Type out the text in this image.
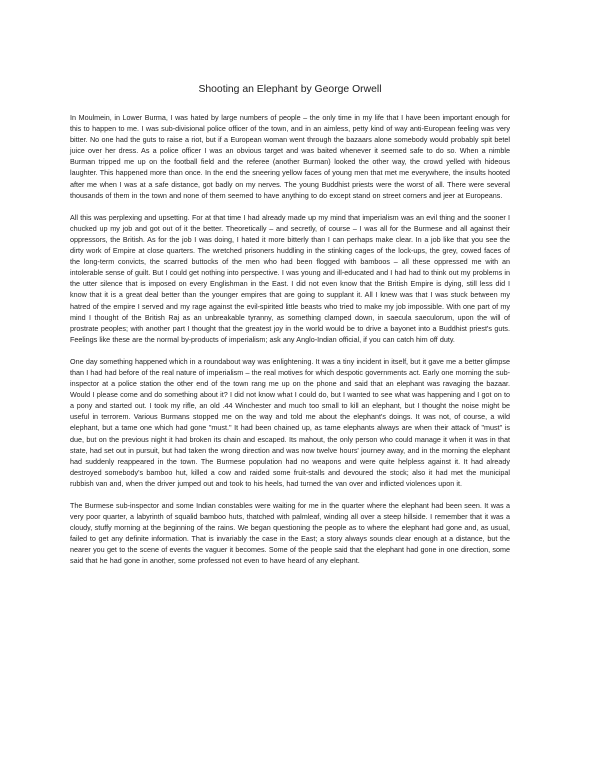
Shooting an Elephant by George Orwell

In Moulmein, in Lower Burma, I was hated by large numbers of people – the only time in my life that I have been important enough for this to happen to me. I was sub-divisional police officer of the town, and in an aimless, petty kind of way anti-European feeling was very bitter. No one had the guts to raise a riot, but if a European woman went through the bazaars alone somebody would probably spit betel juice over her dress. As a police officer I was an obvious target and was baited whenever it seemed safe to do so. When a nimble Burman tripped me up on the football field and the referee (another Burman) looked the other way, the crowd yelled with hideous laughter. This happened more than once. In the end the sneering yellow faces of young men that met me everywhere, the insults hooted after me when I was at a safe distance, got badly on my nerves. The young Buddhist priests were the worst of all. There were several thousands of them in the town and none of them seemed to have anything to do except stand on street corners and jeer at Europeans.

All this was perplexing and upsetting. For at that time I had already made up my mind that imperialism was an evil thing and the sooner I chucked up my job and got out of it the better. Theoretically – and secretly, of course – I was all for the Burmese and all against their oppressors, the British. As for the job I was doing, I hated it more bitterly than I can perhaps make clear. In a job like that you see the dirty work of Empire at close quarters. The wretched prisoners huddling in the stinking cages of the lock-ups, the grey, cowed faces of the long-term convicts, the scarred buttocks of the men who had been flogged with bamboos – all these oppressed me with an intolerable sense of guilt. But I could get nothing into perspective. I was young and ill-educated and I had had to think out my problems in the utter silence that is imposed on every Englishman in the East. I did not even know that the British Empire is dying, still less did I know that it is a great deal better than the younger empires that are going to supplant it. All I knew was that I was stuck between my hatred of the empire I served and my rage against the evil-spirited little beasts who tried to make my job impossible. With one part of my mind I thought of the British Raj as an unbreakable tyranny, as something clamped down, in saecula saeculorum, upon the will of prostrate peoples; with another part I thought that the greatest joy in the world would be to drive a bayonet into a Buddhist priest's guts. Feelings like these are the normal by-products of imperialism; ask any Anglo-Indian official, if you can catch him off duty.

One day something happened which in a roundabout way was enlightening. It was a tiny incident in itself, but it gave me a better glimpse than I had had before of the real nature of imperialism – the real motives for which despotic governments act. Early one morning the sub-inspector at a police station the other end of the town rang me up on the phone and said that an elephant was ravaging the bazaar. Would I please come and do something about it? I did not know what I could do, but I wanted to see what was happening and I got on to a pony and started out. I took my rifle, an old .44 Winchester and much too small to kill an elephant, but I thought the noise might be useful in terrorem. Various Burmans stopped me on the way and told me about the elephant's doings. It was not, of course, a wild elephant, but a tame one which had gone "must." It had been chained up, as tame elephants always are when their attack of "must" is due, but on the previous night it had broken its chain and escaped. Its mahout, the only person who could manage it when it was in that state, had set out in pursuit, but had taken the wrong direction and was now twelve hours' journey away, and in the morning the elephant had suddenly reappeared in the town. The Burmese population had no weapons and were quite helpless against it. It had already destroyed somebody's bamboo hut, killed a cow and raided some fruit-stalls and devoured the stock; also it had met the municipal rubbish van and, when the driver jumped out and took to his heels, had turned the van over and inflicted violences upon it.

The Burmese sub-inspector and some Indian constables were waiting for me in the quarter where the elephant had been seen. It was a very poor quarter, a labyrinth of squalid bamboo huts, thatched with palmleaf, winding all over a steep hillside. I remember that it was a cloudy, stuffy morning at the beginning of the rains. We began questioning the people as to where the elephant had gone and, as usual, failed to get any definite information. That is invariably the case in the East; a story always sounds clear enough at a distance, but the nearer you get to the scene of events the vaguer it becomes. Some of the people said that the elephant had gone in one direction, some said that he had gone in another, some professed not even to have heard of any elephant.
